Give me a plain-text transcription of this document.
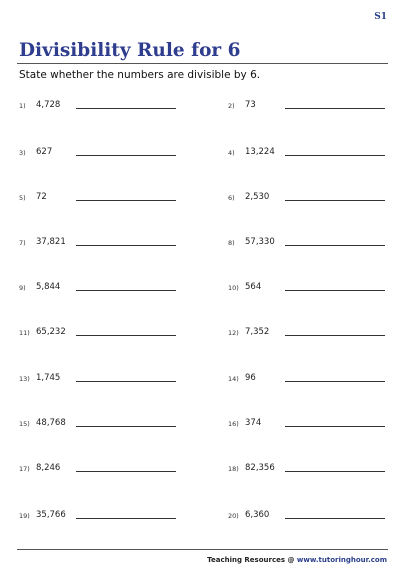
S1
Divisibility Rule for 6
State whether the numbers are divisible by 6.
1) 4,728	2) 73
3) 627	4) 13,224
5) 72	6) 2,530
7) 37,821	8) 57,330
9) 5,844	10) 564
11) 65,232	12) 7,352
13) 1,745	14) 96
15) 48,768	16) 374
17) 8,246	18) 82,356
19) 35,766	20) 6,360
Teaching Resources @ www.tutoringhour.com
